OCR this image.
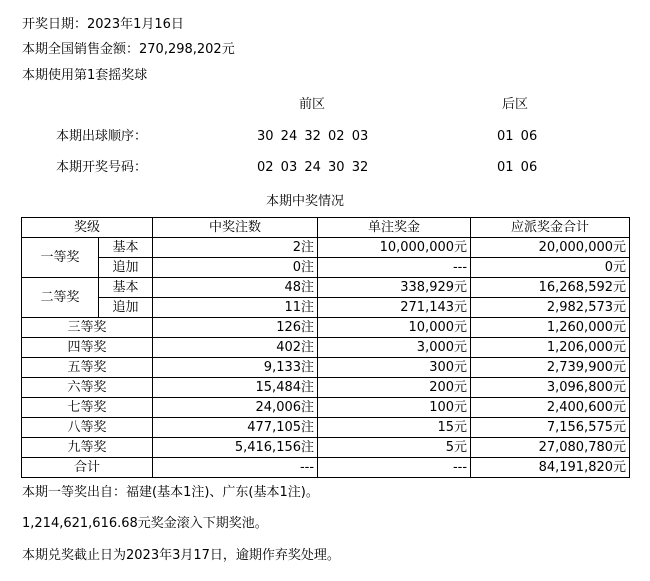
开奖日期：2023年1月16日
本期全国销售金额：270,298,202元
本期使用第1套摇奖球
前区	后区
本期出球顺序：	30 24 32 02 03	01 06
本期开奖号码：	02 03 24 30 32	01 06
本期中奖情况
奖级		中奖注数	单注奖金	应派奖金合计
一等奖	基本	2注	10,000,000元	20,000,000元
	追加	0注	---	0元
二等奖	基本	48注	338,929元	16,268,592元
	追加	11注	271,143元	2,982,573元
三等奖		126注	10,000元	1,260,000元
四等奖		402注	3,000元	1,206,000元
五等奖		9,133注	300元	2,739,900元
六等奖		15,484注	200元	3,096,800元
七等奖		24,006注	100元	2,400,600元
八等奖		477,105注	15元	7,156,575元
九等奖		5,416,156注	5元	27,080,780元
合计		---	---	84,191,820元
本期一等奖出自：福建(基本1注)、广东(基本1注)。
1,214,621,616.68元奖金滚入下期奖池。
本期兑奖截止日为2023年3月17日，逾期作弃奖处理。
